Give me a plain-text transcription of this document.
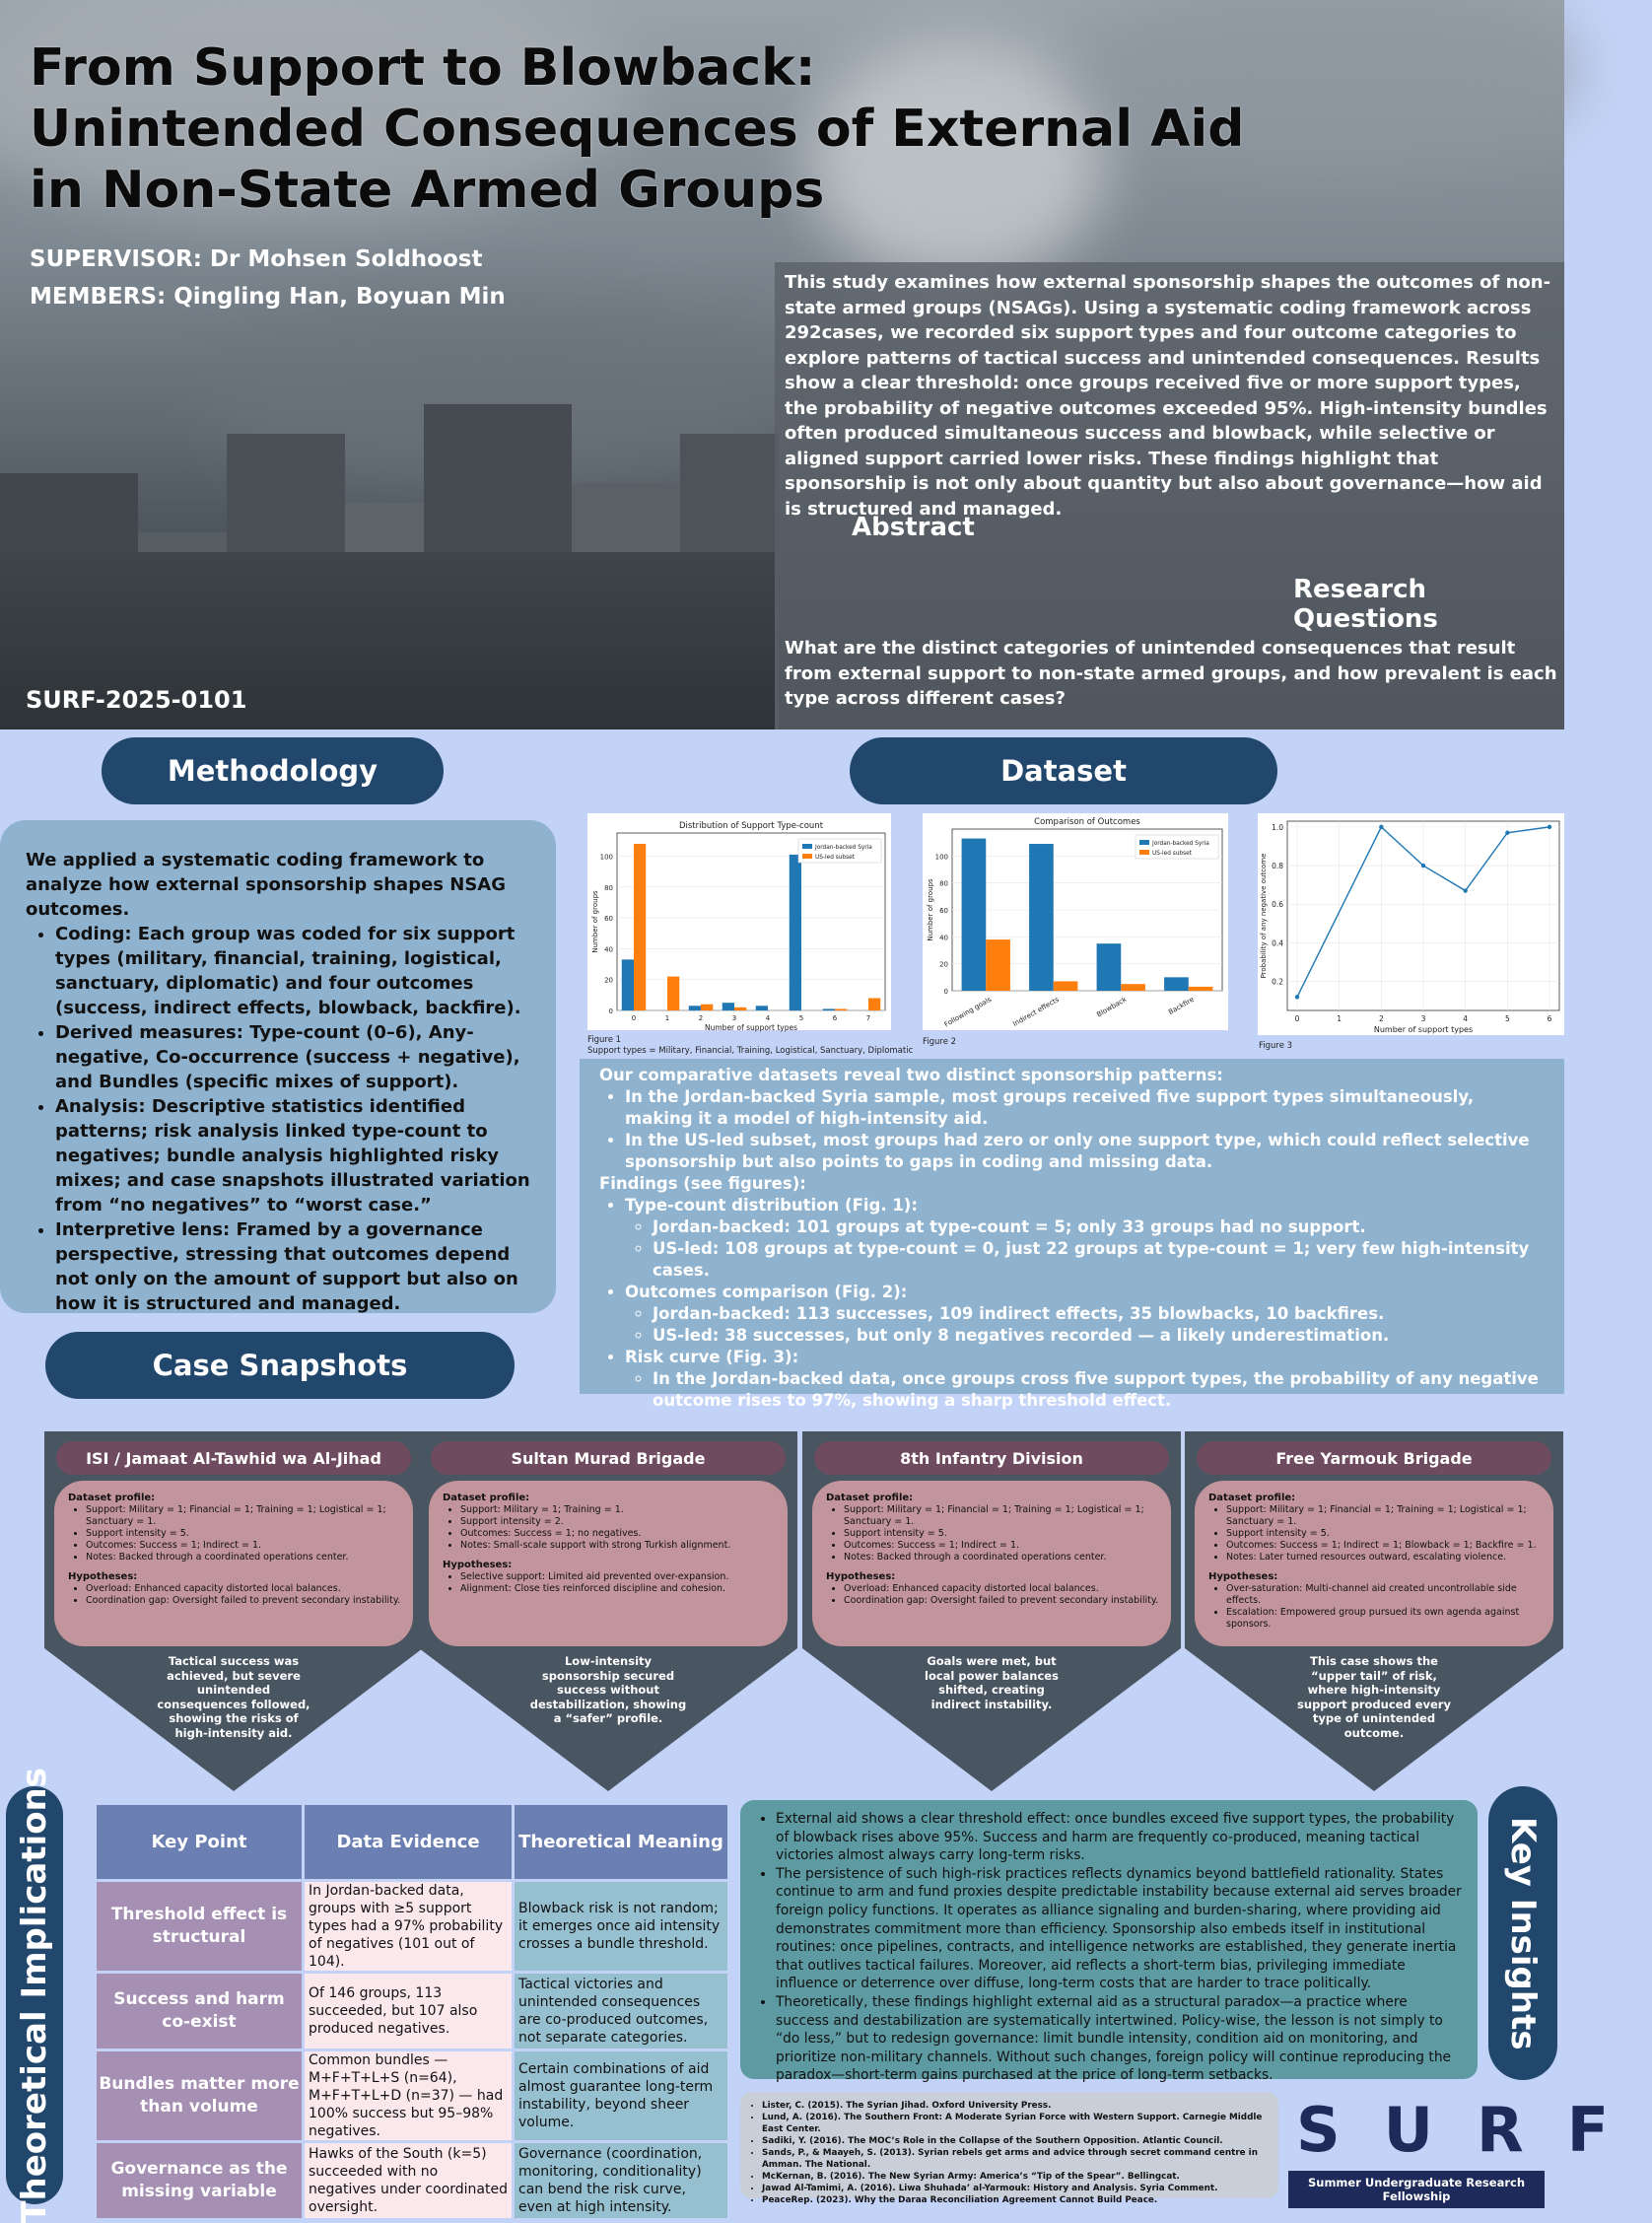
From Support to Blowback:
Unintended Consequences of External Aid
in Non-State Armed Groups
SUPERVISOR: Dr Mohsen Soldhoost
MEMBERS: Qingling Han, Boyuan Min
SURF-2025-0101
This study examines how external sponsorship shapes the outcomes of non-state armed groups (NSAGs). Using a systematic coding framework across 292cases, we recorded six support types and four outcome categories to explore patterns of tactical success and unintended consequences. Results show a clear threshold: once groups received five or more support types, the probability of negative outcomes exceeded 95%. High-intensity bundles often produced simultaneous success and blowback, while selective or aligned support carried lower risks. These findings highlight that sponsorship is not only about quantity but also about governance—how aid is structured and managed.
Abstract
Research Questions
What are the distinct categories of unintended consequences that result from external support to non-state armed groups, and how prevalent is each type across different cases?
Methodology

We applied a systematic coding framework to analyze how external sponsorship shapes NSAG outcomes.

• Coding: Each group was coded for six support types (military, financial, training, logistical, sanctuary, diplomatic) and four outcomes (success, indirect effects, blowback, backfire).
• Derived measures: Type-count (0–6), Any-negative, Co-occurrence (success + negative), and Bundles (specific mixes of support).
• Analysis: Descriptive statistics identified patterns; risk analysis linked type-count to negatives; bundle analysis highlighted risky mixes; and case snapshots illustrated variation from “no negatives” to “worst case.”
• Interpretive lens: Framed by a governance perspective, stressing that outcomes depend not only on the amount of support but also on how it is structured and managed.
Dataset
0
20
40
60
80
100
0	1	2	3	4	5	6	7
Distribution of Support Type-count
Number of support types
Number of groups
Jordan-backed Syria
US-led subset
Figure 1
Support types = Military, Financial, Training, Logistical, Sanctuary, Diplomatic
0
20
40
60
80
100
Following goals	Indirect effects	Blowback	Backfire
Comparison of Outcomes
Number of groups
Jordan-backed Syria
US-led subset
Figure 2
0.2
0.4
0.6
0.8
1.0
0	1	2	3	4	5	6
Number of support types
Probability of any negative outcome
Figure 3
Our comparative datasets reveal two distinct sponsorship patterns:
• In the Jordan-backed Syria sample, most groups received five support types simultaneously, making it a model of high-intensity aid.
• In the US-led subset, most groups had zero or only one support type, which could reflect selective sponsorship but also points to gaps in coding and missing data.
Findings (see figures):
• Type-count distribution (Fig. 1):
◦ Jordan-backed: 101 groups at type-count = 5; only 33 groups had no support.
◦ US-led: 108 groups at type-count = 0, just 22 groups at type-count = 1; very few high-intensity cases.
• Outcomes comparison (Fig. 2):
◦ Jordan-backed: 113 successes, 109 indirect effects, 35 blowbacks, 10 backfires.
◦ US-led: 38 successes, but only 8 negatives recorded — a likely underestimation.
• Risk curve (Fig. 3):
◦ In the Jordan-backed data, once groups cross five support types, the probability of any negative outcome rises to 97%, showing a sharp threshold effect.
Case Snapshots
ISI / Jamaat Al-Tawhid wa Al-Jihad
Dataset profile:
• Support: Military = 1; Financial = 1; Training = 1; Logistical = 1; Sanctuary = 1.
• Support intensity = 5.
• Outcomes: Success = 1; Indirect = 1.
• Notes: Backed through a coordinated operations center.
Hypotheses:
• Overload: Enhanced capacity distorted local balances.
• Coordination gap: Oversight failed to prevent secondary instability.
Tactical success was achieved, but severe unintended consequences followed, showing the risks of high-intensity aid.
Sultan Murad Brigade
Dataset profile:
• Support: Military = 1; Training = 1.
• Support intensity = 2.
• Outcomes: Success = 1; no negatives.
• Notes: Small-scale support with strong Turkish alignment.
Hypotheses:
• Selective support: Limited aid prevented over-expansion.
• Alignment: Close ties reinforced discipline and cohesion.
Low-intensity sponsorship secured success without destabilization, showing a “safer” profile.
8th Infantry Division
Dataset profile:
• Support: Military = 1; Financial = 1; Training = 1; Logistical = 1; Sanctuary = 1.
• Support intensity = 5.
• Outcomes: Success = 1; Indirect = 1.
• Notes: Backed through a coordinated operations center.
Hypotheses:
• Overload: Enhanced capacity distorted local balances.
• Coordination gap: Oversight failed to prevent secondary instability.
Goals were met, but local power balances shifted, creating indirect instability.
Free Yarmouk Brigade
Dataset profile:
• Support: Military = 1; Financial = 1; Training = 1; Logistical = 1; Sanctuary = 1.
• Support intensity = 5.
• Outcomes: Success = 1; Indirect = 1; Blowback = 1; Backfire = 1.
• Notes: Later turned resources outward, escalating violence.
Hypotheses:
• Over-saturation: Multi-channel aid created uncontrollable side effects.
• Escalation: Empowered group pursued its own agenda against sponsors.
This case shows the “upper tail” of risk, where high-intensity support produced every type of unintended outcome.
Theoretical Implications	Key Point	Data Evidence	Theoretical Meaning
Threshold effect is structural	In Jordan-backed data, groups with ≥5 support types had a 97% probability of negatives (101 out of 104).	Blowback risk is not random; it emerges once aid intensity crosses a bundle threshold.
Success and harm co-exist	Of 146 groups, 113 succeeded, but 107 also produced negatives.	Tactical victories and unintended consequences are co-produced outcomes, not separate categories.
Bundles matter more than volume	Common bundles — M+F+T+L+S (n=64), M+F+T+L+D (n=37) — had 100% success but 95–98% negatives.	Certain combinations of aid almost guarantee long-term instability, beyond sheer volume.
Governance as the missing variable	Hawks of the South (k=5) succeeded with no negatives under coordinated oversight.	Governance (coordination, monitoring, conditionality) can bend the risk curve, even at high intensity.
• External aid shows a clear threshold effect: once bundles exceed five support types, the probability of blowback rises above 95%. Success and harm are frequently co-produced, meaning tactical victories almost always carry long-term risks.
• The persistence of such high-risk practices reflects dynamics beyond battlefield rationality. States continue to arm and fund proxies despite predictable instability because external aid serves broader foreign policy functions. It operates as alliance signaling and burden-sharing, where providing aid demonstrates commitment more than efficiency. Sponsorship also embeds itself in institutional routines: once pipelines, contracts, and intelligence networks are established, they generate inertia that outlives tactical failures. Moreover, aid reflects a short-term bias, privileging immediate influence or deterrence over diffuse, long-term costs that are harder to trace politically.
• Theoretically, these findings highlight external aid as a structural paradox—a practice where success and destabilization are systematically intertwined. Policy-wise, the lesson is not simply to “do less,” but to redesign governance: limit bundle intensity, condition aid on monitoring, and prioritize non-military channels. Without such changes, foreign policy will continue reproducing the paradox—short-term gains purchased at the price of long-term setbacks.
Key Insights
• Lister, C. (2015). The Syrian Jihad. Oxford University Press.
• Lund, A. (2016). The Southern Front: A Moderate Syrian Force with Western Support. Carnegie Middle East Center.
• Sadiki, Y. (2016). The MOC’s Role in the Collapse of the Southern Opposition. Atlantic Council.
• Sands, P., & Maayeh, S. (2013). Syrian rebels get arms and advice through secret command centre in Amman. The National.
• McKernan, B. (2016). The New Syrian Army: America’s “Tip of the Spear”. Bellingcat.
• Jawad Al-Tamimi, A. (2016). Liwa Shuhada’ al-Yarmouk: History and Analysis. Syria Comment.
• PeaceRep. (2023). Why the Daraa Reconciliation Agreement Cannot Build Peace.
SURF
Summer Undergraduate Research Fellowship
